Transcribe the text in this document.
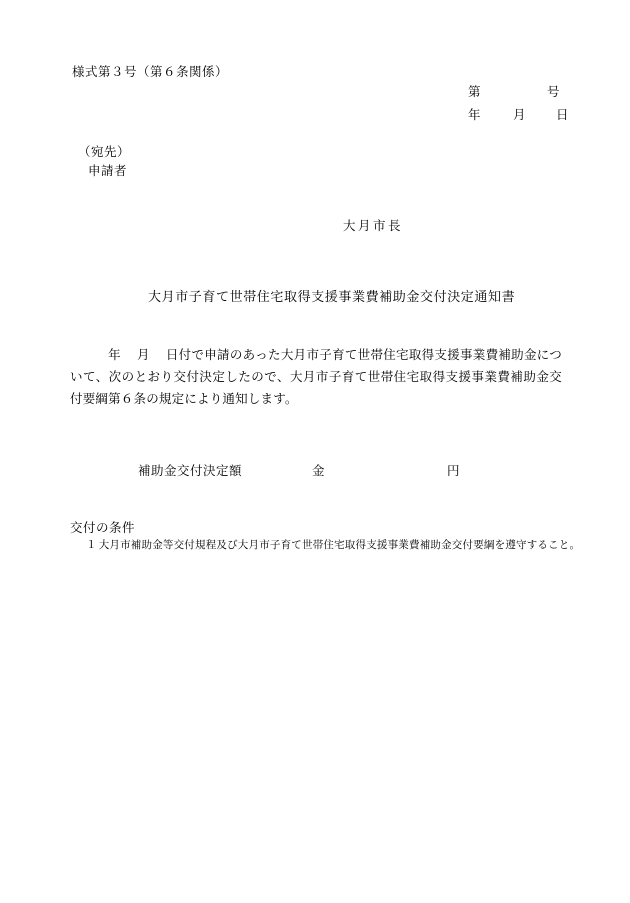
様式第３号（第６条関係）
第	号
年	月 日
（宛先）
申請者
大月市長
大月市子育て世帯住宅取得支援事業費補助金交付決定通知書
年 月 日付で申請のあった大月市子育て世帯住宅取得支援事業費補助金について、次のとおり交付決定したので、大月市子育て世帯住宅取得支援事業費補助金交付要綱第６条の規定により通知します。
補助金交付決定額	金	円
交付の条件
１ 大月市補助金等交付規程及び大月市子育て世帯住宅取得支援事業費補助金交付要綱を遵守すること。
